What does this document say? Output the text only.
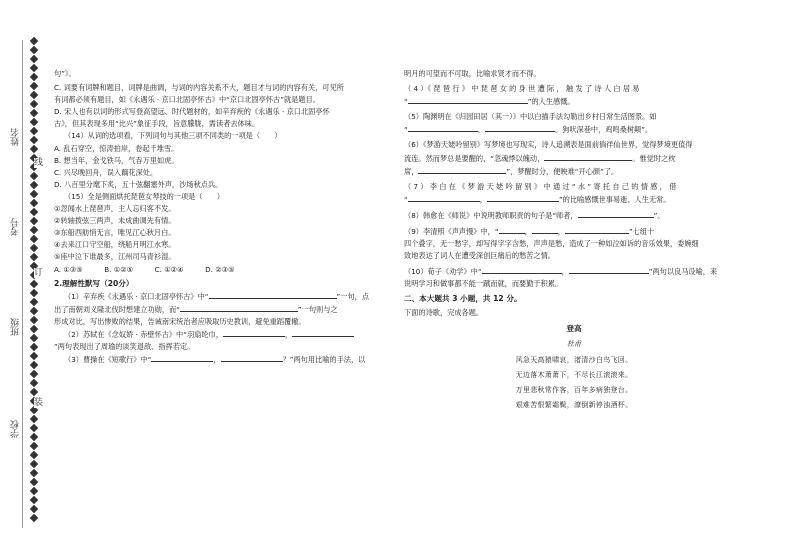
姓名
考号
班级
学校
线
订
装

句”》。

C. 词要有词牌和题目，词牌是曲调，与词的内容关系不大，题目才与词的内容有关，可见所

有词都必须有题目，如《永遇乐 · 京口北固亭怀古》中“京口北固亭怀古”就是题目。

D. 宋人也有以词的形式写登高望远、时代题材的，如辛弃疾的《永遇乐 · 京口北固亭怀

古》，但其表现多用“比兴”象征手段，旨意朦胧，需读者去体味。

（14）从词的选项看，下列词句与其他三项不同类的一项是（　　）

A. 乱石穿空，惊涛拍岸，卷起千堆雪。

B. 想当年，金戈铁马，气吞万里如虎。

C. 兴尽晚回舟，误入藕花深处。

D. 八百里分麾下炙，五十弦翻塞外声，沙场秋点兵。

（15）全是侧面烘托琵琶女琴技的一项是（　　）

①忽闻水上琵琶声，主人忘归客不发。

②转轴拨弦三两声，未成曲调先有情。

③东船西舫悄无言，唯见江心秋月白。

④去来江口守空船，绕船月明江水寒。

⑤座中泣下谁最多，江州司马青衫湿。

A. ①③⑤　　　B. ①②⑤　　　C. ①②④　　　D. ②③⑤

2.理解性默写（20分）

（1）辛弃疾《永遇乐 · 京口北固亭怀古》中“	”一句，点

出了南朝刘义隆北伐时想建立功勋，而“	”一句则与之

形成对比，写出惨败的结果，告诫南宋统治者应吸取历史教训，避免重蹈覆辙。

（2）苏轼在《念奴娇 · 赤壁怀古》中“羽扇纶巾，	，

”两句表现出了周瑜的谈笑退敌、指挥若定。

（3）曹操在《短歌行》中“	，	？”两句用比喻的手法，以

明月的可望而不可取，比喻求贤才而不得。

（ 4 ）《 琵 琶 行 》 中 琵 琶 女 的 身 世 遭 际 ， 触 发 了 诗 人 白 居 易

“	”的人生感慨。

（5）陶渊明在《归园田居（其一）》中以白描手法勾勒出乡村日常生活图景。如

“	，	。狗吠深巷中，鸡鸣桑树颠”。

（6）《梦游天姥吟留别》写梦境也写现实，诗人追溯表是面前徜徉仙世界，觉得梦境更值得

流连。然而梦总是要醒的，“忽魂悸以魄动，	。惟觉时之枕

席，	”，梦醒时分，便映难“开心颜”了。

（ 7 ） 李 白 在 《 梦 游 天 姥 吟 留 别 》 中 通 过 “ 水 ” 寄 托 自 己 的 情 感 ， 借

“	，	”的比喻感慨世事易逝、人生无常。

（8）韩愈在《师说》中说明教师职责的句子是“师者，	”。

（9）李清照《声声慢》中，“	，	，	”七组十

四个叠字，无一愁字，却写得字字含愁，声声是愁，造成了一种如泣如诉的音乐效果，委婉细

致地表达了词人在遭受深创巨痛后的愁苦之情。

（10）荀子《劝学》中“	，	”两句以良马设喻，来

说明学习和做事都不能一蹴而就，而要勤于积累。

二、本大题共 3 小题，共 12 分。

下面的诗歌，完成各题。

登高
杜甫
风急天高猿啸哀，渚清沙白鸟飞回。
无边落木萧萧下，不尽长江滚滚来。
万里悲秋常作客，百年多病独登台。
艰难苦恨繁霜鬓，潦倒新停浊酒杯。
